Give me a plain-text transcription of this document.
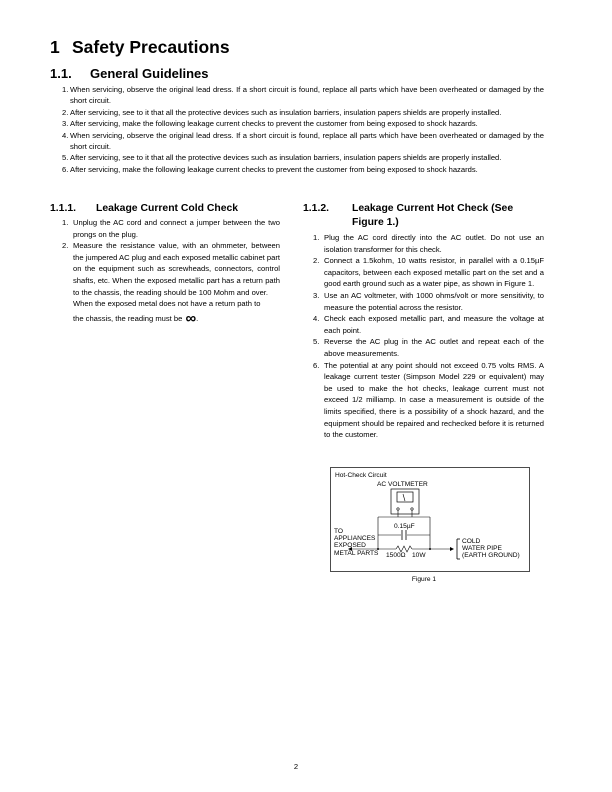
1 Safety Precautions
1.1. General Guidelines
1. When servicing, observe the original lead dress. If a short circuit is found, replace all parts which have been overheated or damaged by the short circuit.
2. After servicing, see to it that all the protective devices such as insulation barriers, insulation papers shields are properly installed.
3. After servicing, make the following leakage current checks to prevent the customer from being exposed to shock hazards.
4. When servicing, observe the original lead dress. If a short circuit is found, replace all parts which have been overheated or damaged by the short circuit.
5. After servicing, see to it that all the protective devices such as insulation barriers, insulation papers shields are properly installed.
6. After servicing, make the following leakage current checks to prevent the customer from being exposed to shock hazards.
1.1.1. Leakage Current Cold Check
1. Unplug the AC cord and connect a jumper between the two prongs on the plug.
2. Measure the resistance value, with an ohmmeter, between the jumpered AC plug and each exposed metallic cabinet part on the equipment such as screwheads, connectors, control shafts, etc. When the exposed metallic part has a return path to the chassis, the reading should be 100 Mohm and over.

When the exposed metal does not have a return path to

the chassis, the reading must be ∞.

1.1.2. Leakage Current Hot Check (See
Figure 1.)
1. Plug the AC cord directly into the AC outlet. Do not use an isolation transformer for this check.
2. Connect a 1.5kohm, 10 watts resistor, in parallel with a 0.15µF capacitors, between each exposed metallic part on the set and a good earth ground such as a water pipe, as shown in Figure 1.
3. Use an AC voltmeter, with 1000 ohms/volt or more sensitivity, to measure the potential across the resistor.
4. Check each exposed metallic part, and measure the voltage at each point.
5. Reverse the AC plug in the AC outlet and repeat each of the above measurements.
6. The potential at any point should not exceed 0.75 volts RMS. A leakage current tester (Simpson Model 229 or equivalent) may be used to make the hot checks, leakage current must not exceed 1/2 milliamp. In case a measurement is outside of the limits specified, there is a possibility of a shock hazard, and the equipment should be repaired and rechecked before it is returned to the customer.
Hot-Check Circuit
AC VOLTMETER
0.15µF
TO
APPLIANCES
EXPOSED
METAL PARTS 1500Ω 10W
COLD
WATER PIPE
(EARTH GROUND)
Figure 1
2
